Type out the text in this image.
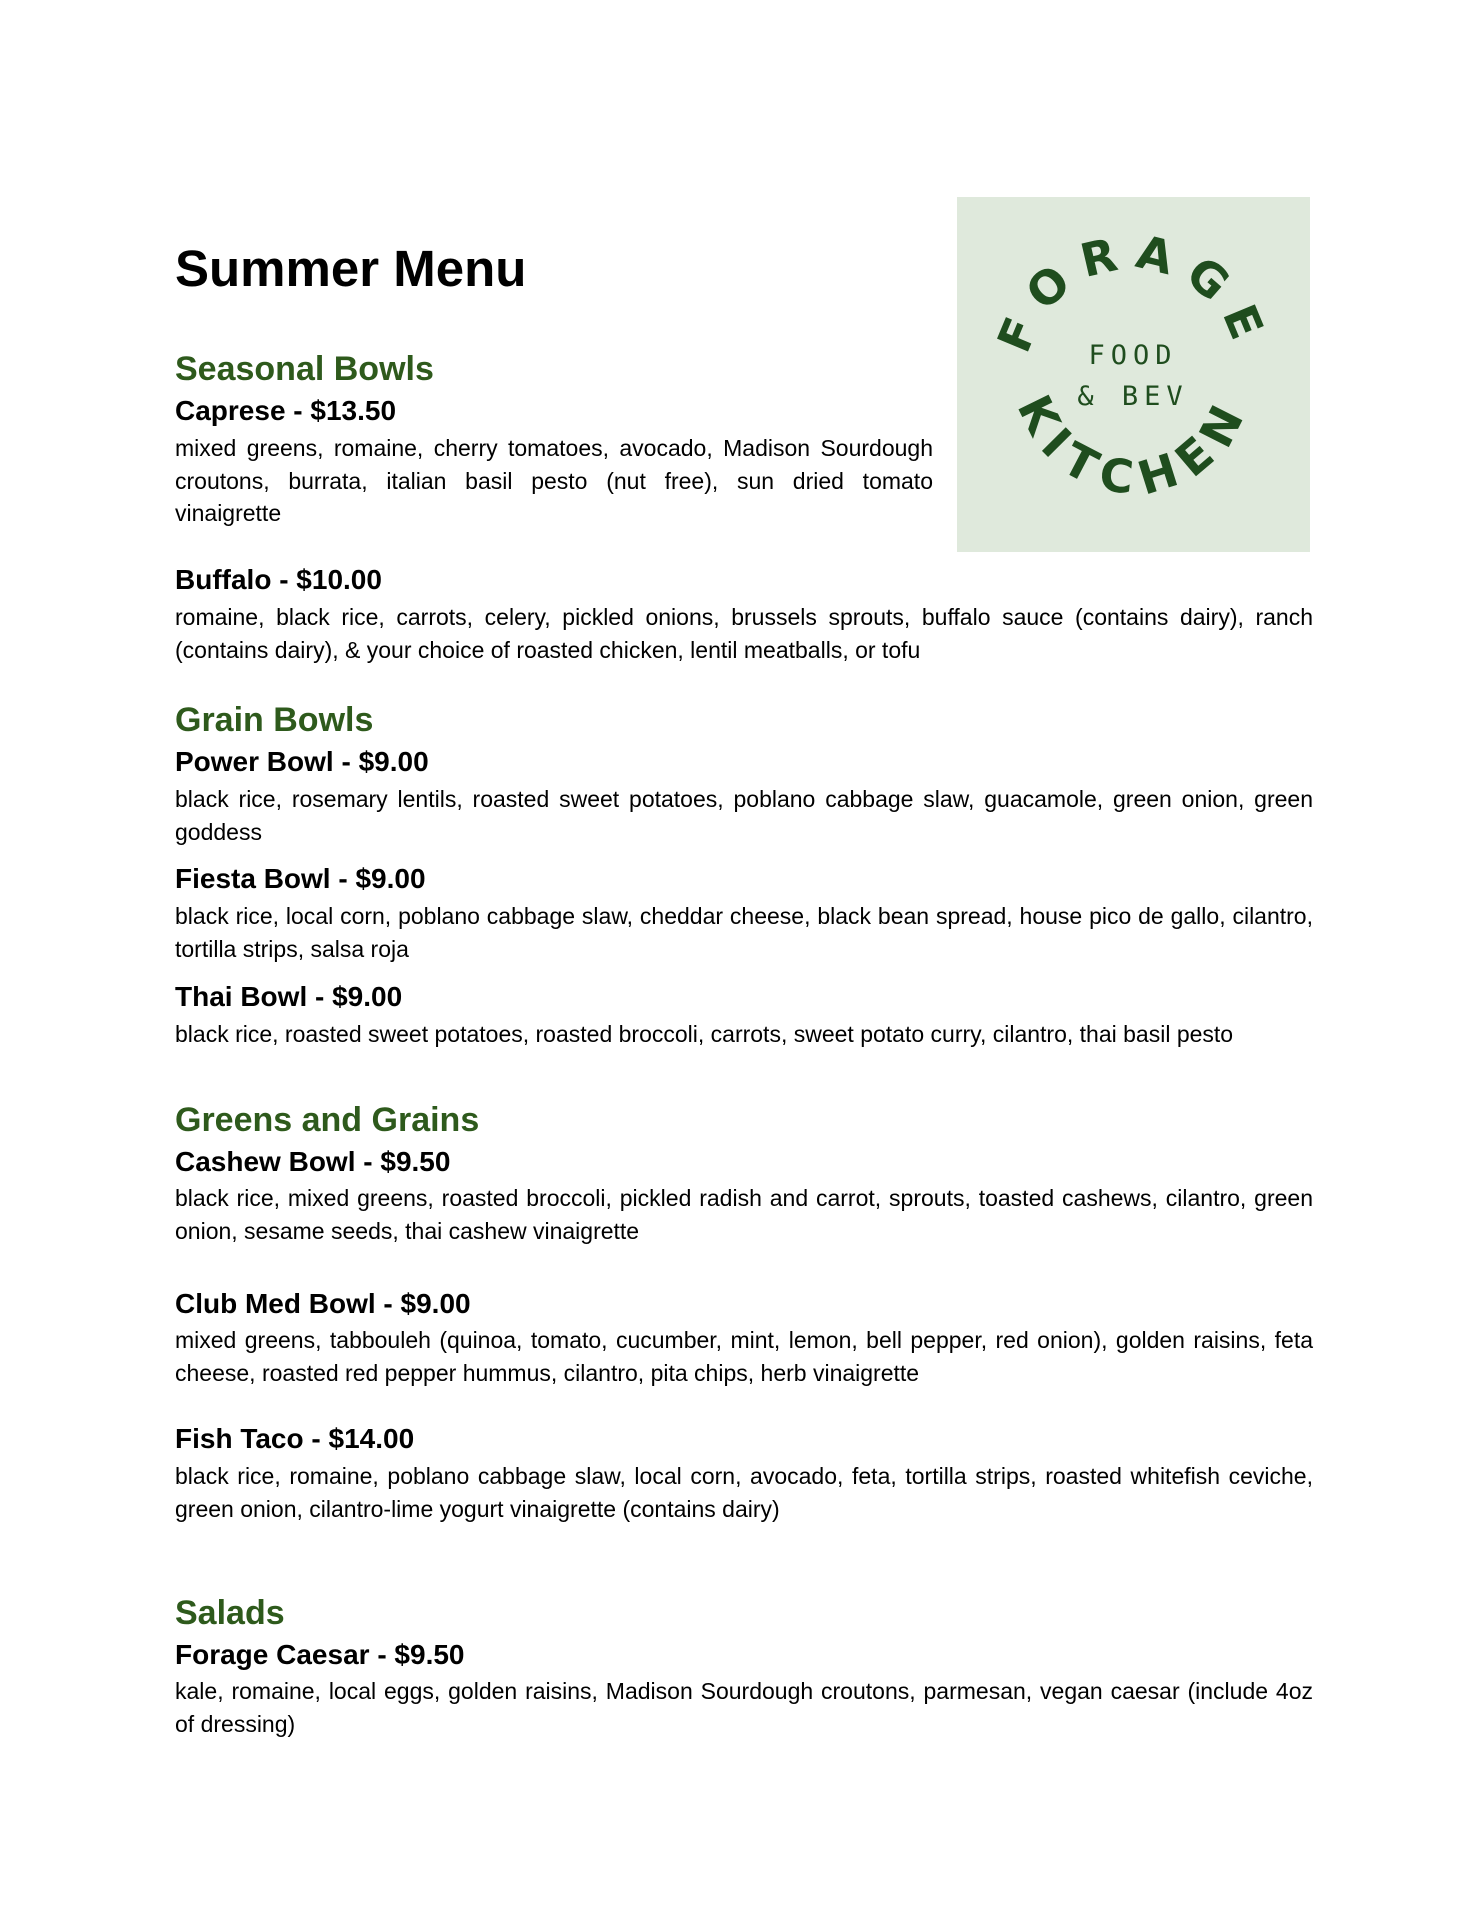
Summer Menu
FORAGE
KITCHEN
FOOD
& BEV
Seasonal Bowls
Caprese - $13.50

mixed greens, romaine, cherry tomatoes, avocado, Madison Sourdough croutons, burrata, italian basil pesto (nut free), sun dried tomato vinaigrette

Buffalo - $10.00

romaine, black rice, carrots, celery, pickled onions, brussels sprouts, buffalo sauce (contains dairy), ranch (contains dairy), & your choice of roasted chicken, lentil meatballs, or tofu

Grain Bowls
Power Bowl - $9.00

black rice, rosemary lentils, roasted sweet potatoes, poblano cabbage slaw, guacamole, green onion, green goddess

Fiesta Bowl - $9.00

black rice, local corn, poblano cabbage slaw, cheddar cheese, black bean spread, house pico de gallo, cilantro, tortilla strips, salsa roja

Thai Bowl - $9.00

black rice, roasted sweet potatoes, roasted broccoli, carrots, sweet potato curry, cilantro, thai basil pesto

Greens and Grains
Cashew Bowl - $9.50

black rice, mixed greens, roasted broccoli, pickled radish and carrot, sprouts, toasted cashews, cilantro, green onion, sesame seeds, thai cashew vinaigrette

Club Med Bowl - $9.00

mixed greens, tabbouleh (quinoa, tomato, cucumber, mint, lemon, bell pepper, red onion), golden raisins, feta cheese, roasted red pepper hummus, cilantro, pita chips, herb vinaigrette

Fish Taco - $14.00

black rice, romaine, poblano cabbage slaw, local corn, avocado, feta, tortilla strips, roasted whitefish ceviche, green onion, cilantro-lime yogurt vinaigrette (contains dairy)

Salads
Forage Caesar - $9.50

kale, romaine, local eggs, golden raisins, Madison Sourdough croutons, parmesan, vegan caesar (include 4oz of dressing)
